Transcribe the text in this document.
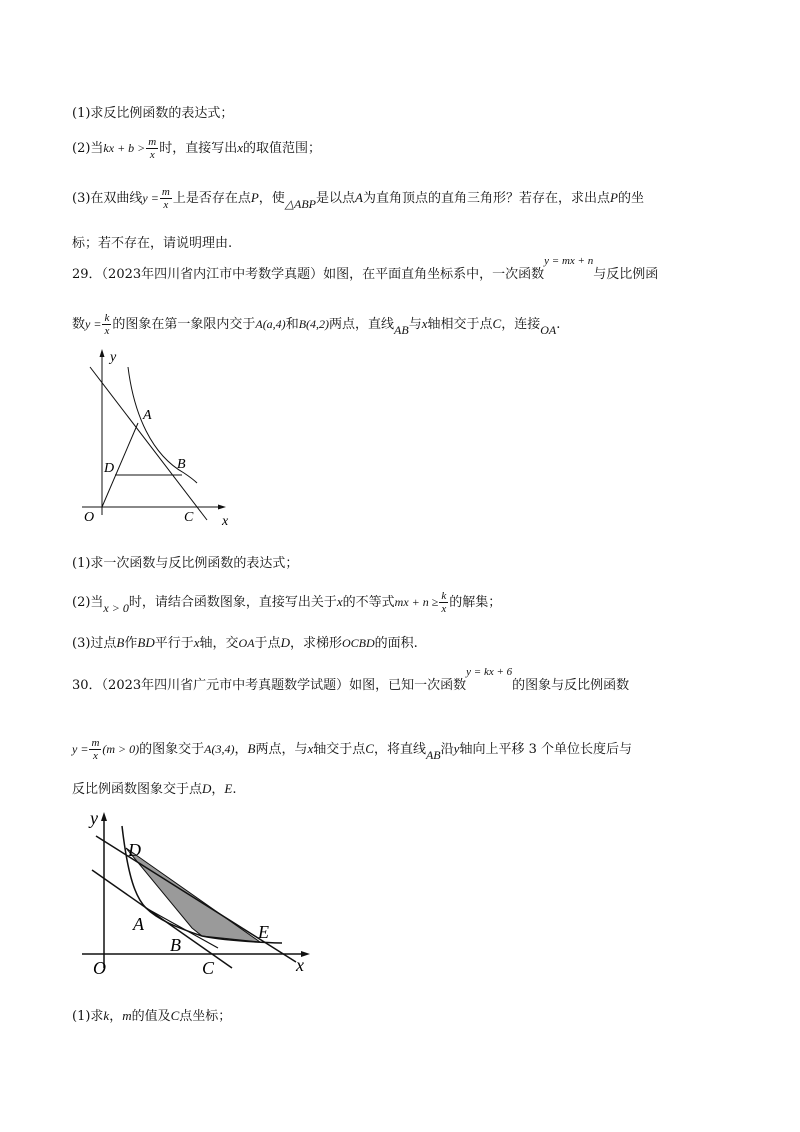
(1)求反比例函数的表达式；
(2)当kx + $b > \frac{m}{x}$ 时，直接写出x的取值范围；
(3)在双曲线$y = \frac{m}{x}$ 上是否存在点P，使△ABP是以点A为直角顶点的直角三角形？若存在，求出点P的坐
标；若不存在，请说明理由.
29．（2023年四川省内江市中考数学真题）如图，在平面直角坐标系中，一次函数$^{y = mx + n}$与反比例函
数$y = \frac{k}{x}$ 的图象在第一象限内交于A(a,4)和B(4,2)两点，直线AB与x轴相交于点C，连接OA.
y
A
B
D
O	C x
(1)求一次函数与反比例函数的表达式；
(2)当x > 0时，请结合函数图象，直接写出关于x的不等式mx + $n \ge \frac{k}{x}$ 的解集；
(3)过点B作BD平行于x轴，交OA于点D，求梯形OCBD的面积.
30．（2023年四川省广元市中考真题数学试题）如图，已知一次函数$^{y = kx + 6}$的图象与反比例函数
$y = \frac{m}{x} (m > 0)$的图象交于A(3,4)，B两点，与x轴交于点C，将直线AB沿y轴向上平移 3 个单位长度后与
反比例函数图象交于点D，E.
y
D
A
B
C
E
O	x
(1)求k，m的值及C点坐标；
